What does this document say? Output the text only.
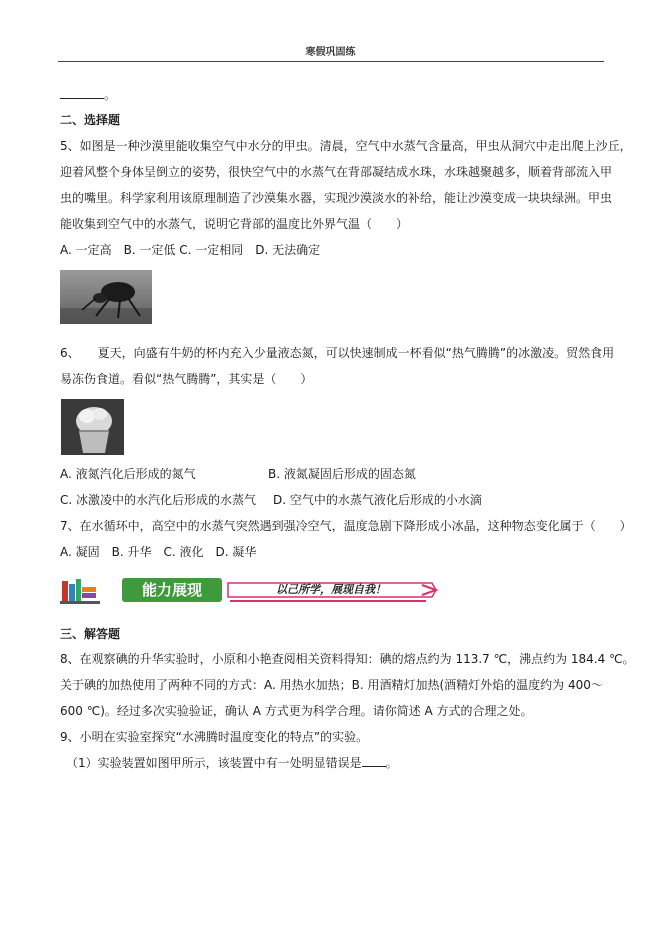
寒假巩固练
。
二、选择题
5、如图是一种沙漠里能收集空气中水分的甲虫。清晨，空气中水蒸气含量高，甲虫从洞穴中走出爬上沙丘，
迎着风整个身体呈倒立的姿势，很快空气中的水蒸气在背部凝结成水珠，水珠越聚越多，顺着背部流入甲
虫的嘴里。科学家利用该原理制造了沙漠集水器，实现沙漠淡水的补给，能让沙漠变成一块块绿洲。甲虫
能收集到空气中的水蒸气，说明它背部的温度比外界气温（　　）
A. 一定高　B. 一定低 C. 一定相同　D. 无法确定
6、　　夏天，向盛有牛奶的杯内充入少量液态氮，可以快速制成一杯看似“热气腾腾”的冰激凌。贸然食用
易冻伤食道。看似“热气腾腾”，其实是（　　）
A. 液氮汽化后形成的氮气	B. 液氮凝固后形成的固态氮
C. 冰激凌中的水汽化后形成的水蒸气 D. 空气中的水蒸气液化后形成的小水滴
7、在水循环中，高空中的水蒸气突然遇到强冷空气，温度急剧下降形成小冰晶，这种物态变化属于（　　）
A. 凝固　B. 升华　C. 液化　D. 凝华
能力展现	以己所学，展现自我！
三、解答题
8、在观察碘的升华实验时，小原和小艳查阅相关资料得知：碘的熔点约为 113.7 ℃，沸点约为 184.4 ℃。
关于碘的加热使用了两种不同的方式：A. 用热水加热；B. 用酒精灯加热(酒精灯外焰的温度约为 400～
600 ℃)。经过多次实验验证，确认 A 方式更为科学合理。请你简述 A 方式的合理之处。
9、小明在实验室探究“水沸腾时温度变化的特点”的实验。
（1）实验装置如图甲所示，该装置中有一处明显错误是 。
